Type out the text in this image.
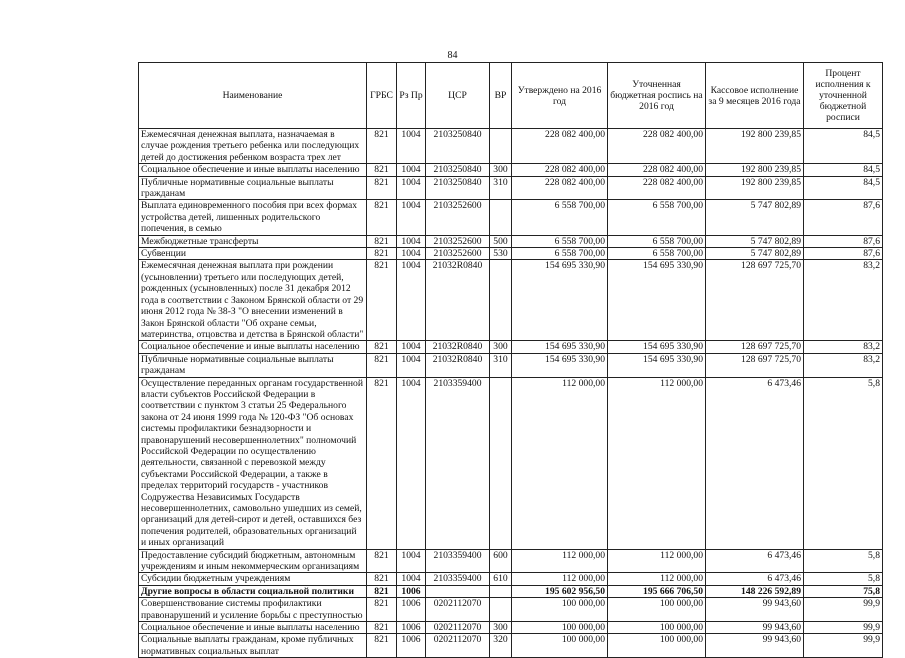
84
Наименование	ГРБС	Рз Пр	ЦСР	ВР	Утверждено на 2016 год	Уточненная бюджетная роспись на 2016 год	Кассовое исполнение за 9 месяцев 2016 года	Процент исполнения к уточненной бюджетной росписи
Ежемесячная денежная выплата, назначаемая в случае рождения третьего ребенка или последующих детей до достижения ребенком возраста трех лет	821	1004	2103250840		228 082 400,00	228 082 400,00	192 800 239,85	84,5
Социальное обеспечение и иные выплаты населению	821	1004	2103250840	300	228 082 400,00	228 082 400,00	192 800 239,85	84,5
Публичные нормативные социальные выплаты гражданам	821	1004	2103250840	310	228 082 400,00	228 082 400,00	192 800 239,85	84,5
Выплата единовременного пособия при всех формах устройства детей, лишенных родительского попечения, в семью	821	1004	2103252600		6 558 700,00	6 558 700,00	5 747 802,89	87,6
Межбюджетные трансферты	821	1004	2103252600	500	6 558 700,00	6 558 700,00	5 747 802,89	87,6
Субвенции	821	1004	2103252600	530	6 558 700,00	6 558 700,00	5 747 802,89	87,6
Ежемесячная денежная выплата при рождении (усыновлении) третьего или последующих детей, рожденных (усыновленных) после 31 декабря 2012 года в соответствии с Законом Брянской области от 29 июня 2012 года № 38-З "О внесении изменений в Закон Брянской области "Об охране семьи, материнства, отцовства и детства в Брянской области"	821	1004	21032R0840		154 695 330,90	154 695 330,90	128 697 725,70	83,2
Социальное обеспечение и иные выплаты населению	821	1004	21032R0840	300	154 695 330,90	154 695 330,90	128 697 725,70	83,2
Публичные нормативные социальные выплаты гражданам	821	1004	21032R0840	310	154 695 330,90	154 695 330,90	128 697 725,70	83,2
Осуществление переданных органам государственной власти субъектов Российской Федерации в соответствии с пунктом 3 статьи 25 Федерального закона от 24 июня 1999 года № 120-ФЗ "Об основах системы профилактики безнадзорности и правонарушений несовершеннолетних" полномочий Российской Федерации по осуществлению деятельности, связанной с перевозкой между субъектами Российской Федерации, а также в пределах территорий государств - участников Содружества Независимых Государств несовершеннолетних, самовольно ушедших из семей, организаций для детей-сирот и детей, оставшихся без попечения родителей, образовательных организаций и иных организаций	821	1004	2103359400		112 000,00	112 000,00	6 473,46	5,8
Предоставление субсидий бюджетным, автономным учреждениям и иным некоммерческим организациям	821	1004	2103359400	600	112 000,00	112 000,00	6 473,46	5,8
Субсидии бюджетным учреждениям	821	1004	2103359400	610	112 000,00	112 000,00	6 473,46	5,8
Другие вопросы в области социальной политики	821	1006			195 602 956,50	195 666 706,50	148 226 592,89	75,8
Совершенствование системы профилактики правонарушений и усиление борьбы с преступностью	821	1006	0202112070		100 000,00	100 000,00	99 943,60	99,9
Социальное обеспечение и иные выплаты населению	821	1006	0202112070	300	100 000,00	100 000,00	99 943,60	99,9
Социальные выплаты гражданам, кроме публичных нормативных социальных выплат	821	1006	0202112070	320	100 000,00	100 000,00	99 943,60	99,9
